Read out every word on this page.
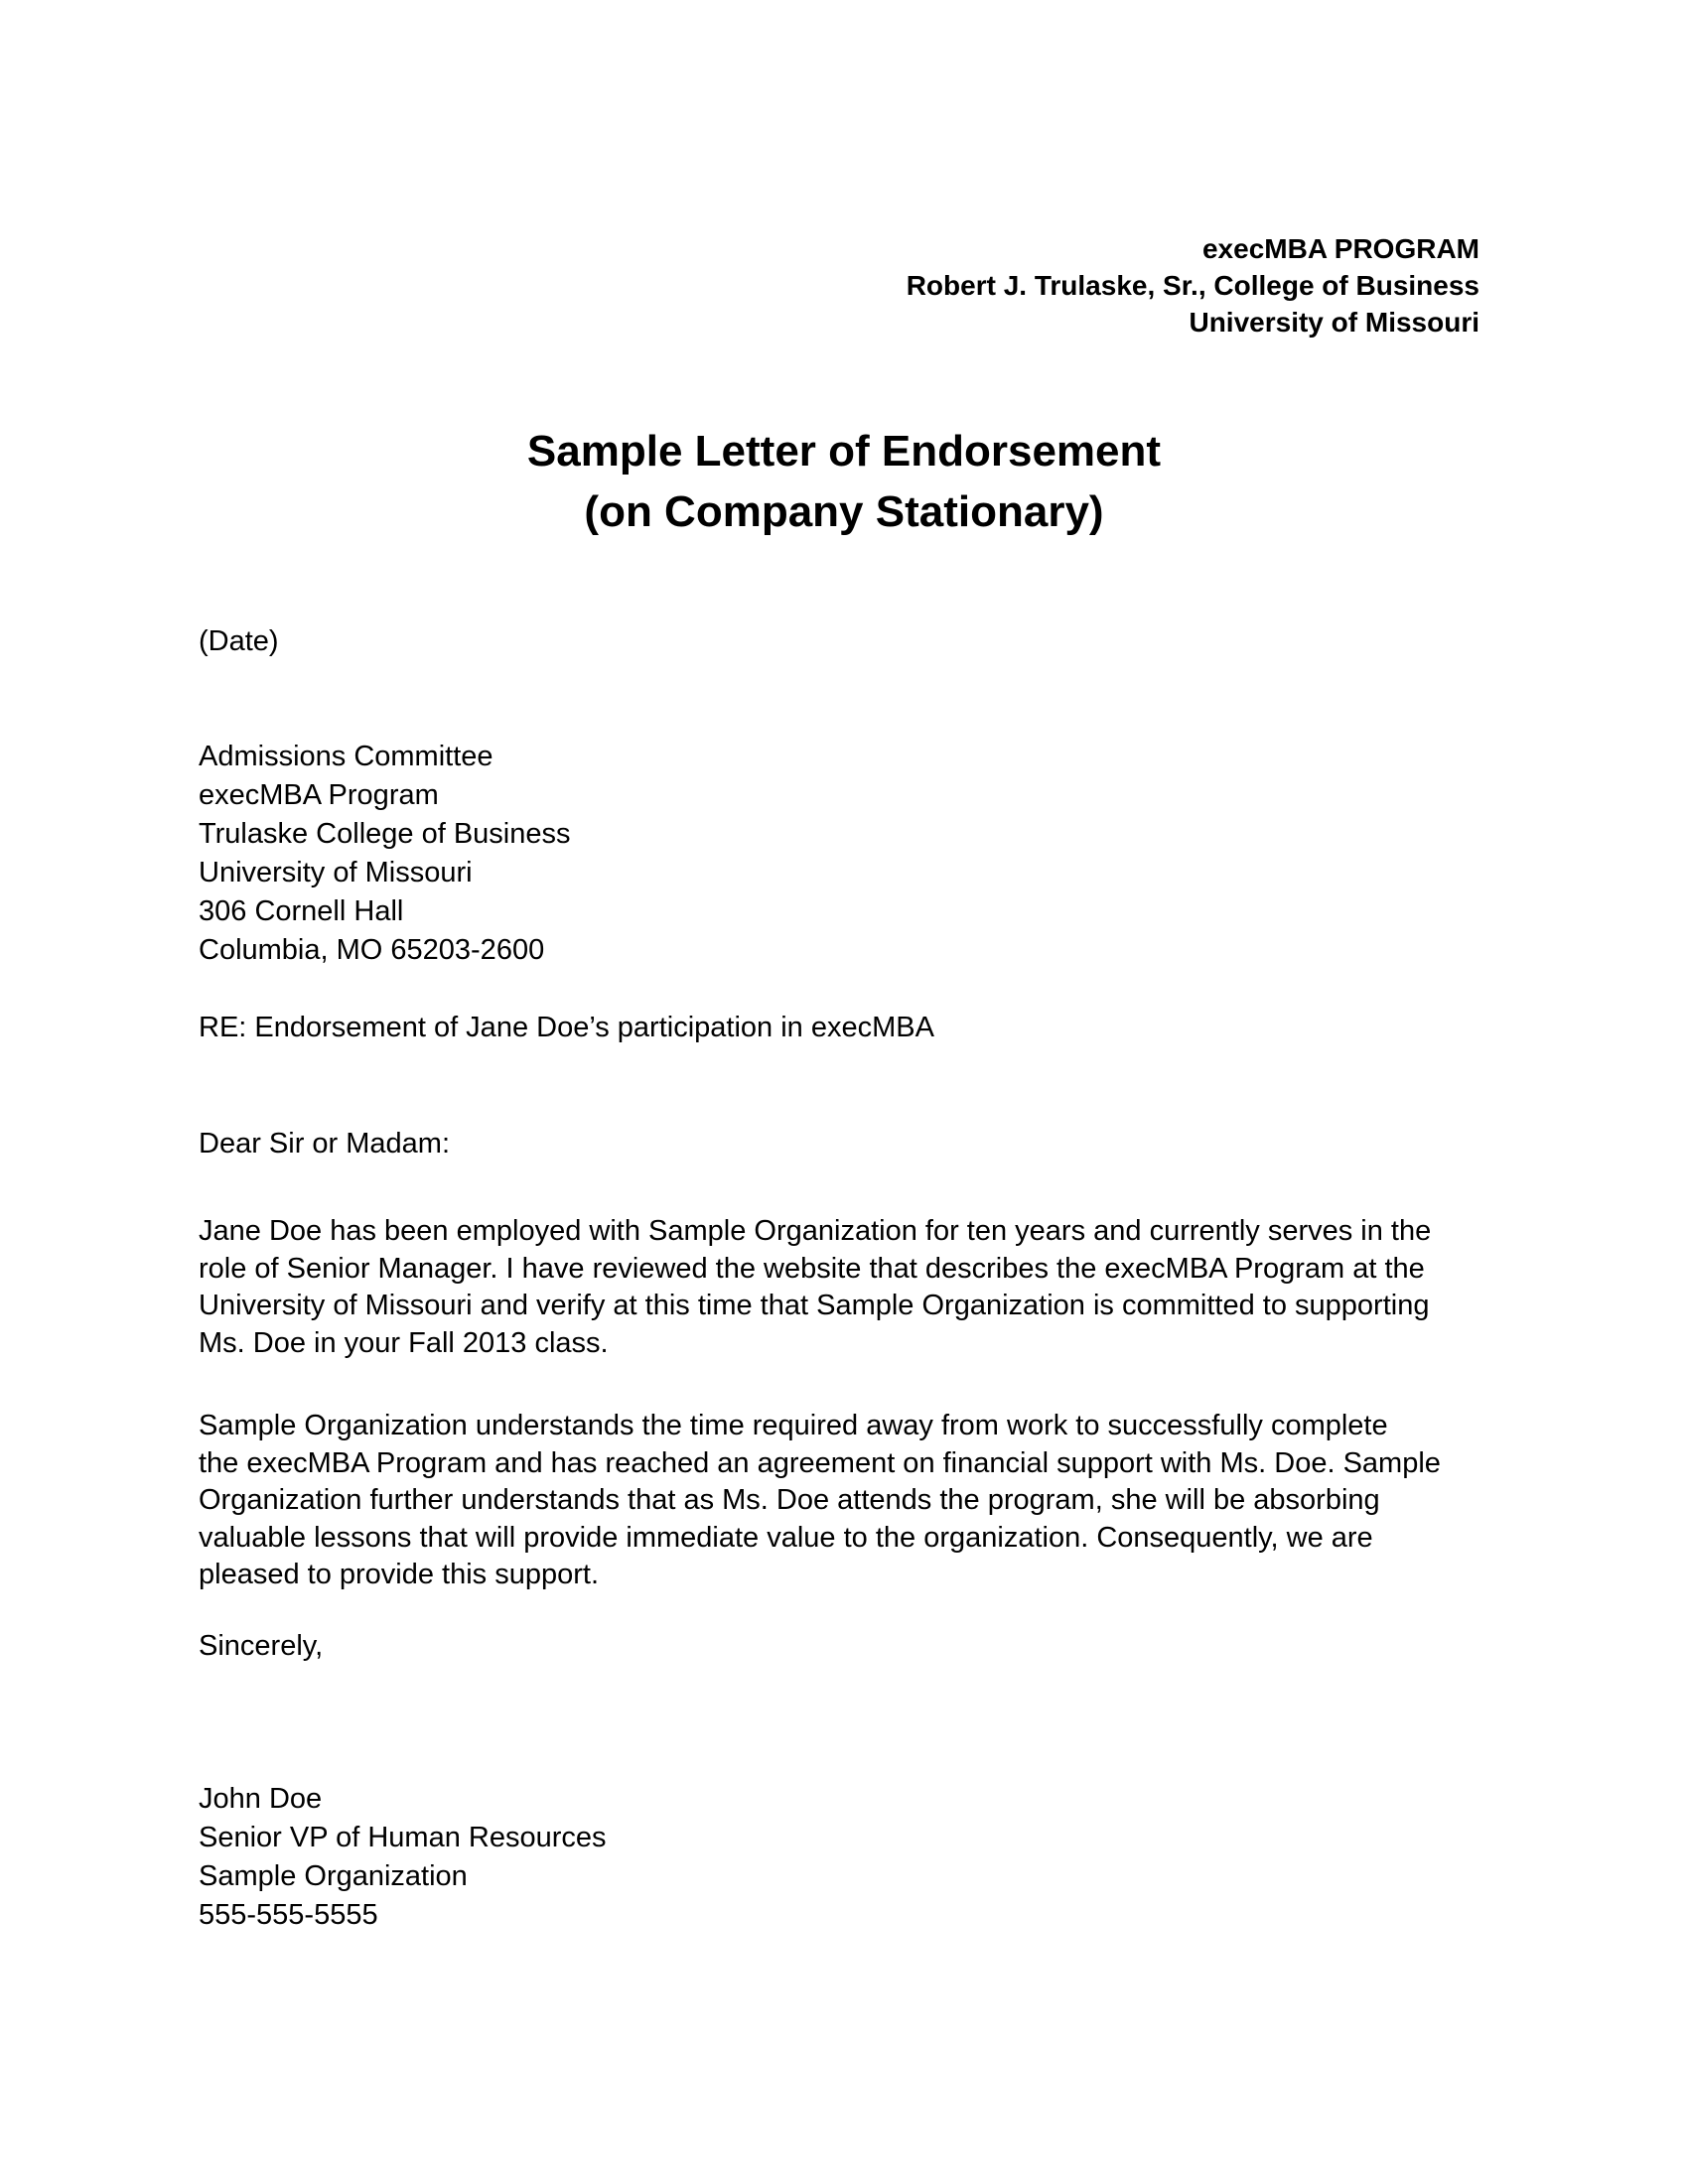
execMBA PROGRAM
Robert J. Trulaske, Sr., College of Business
University of Missouri
Sample Letter of Endorsement
(on Company Stationary)
(Date)
Admissions Committee
execMBA Program
Trulaske College of Business
University of Missouri
306 Cornell Hall
Columbia, MO 65203-2600
RE: Endorsement of Jane Doe’s participation in execMBA
Dear Sir or Madam:
Jane Doe has been employed with Sample Organization for ten years and currently serves in the
role of Senior Manager. I have reviewed the website that describes the execMBA Program at the
University of Missouri and verify at this time that Sample Organization is committed to supporting
Ms. Doe in your Fall 2013 class.
Sample Organization understands the time required away from work to successfully complete
the execMBA Program and has reached an agreement on financial support with Ms. Doe. Sample
Organization further understands that as Ms. Doe attends the program, she will be absorbing
valuable lessons that will provide immediate value to the organization. Consequently, we are
pleased to provide this support.
Sincerely,
John Doe
Senior VP of Human Resources
Sample Organization
555-555-5555
